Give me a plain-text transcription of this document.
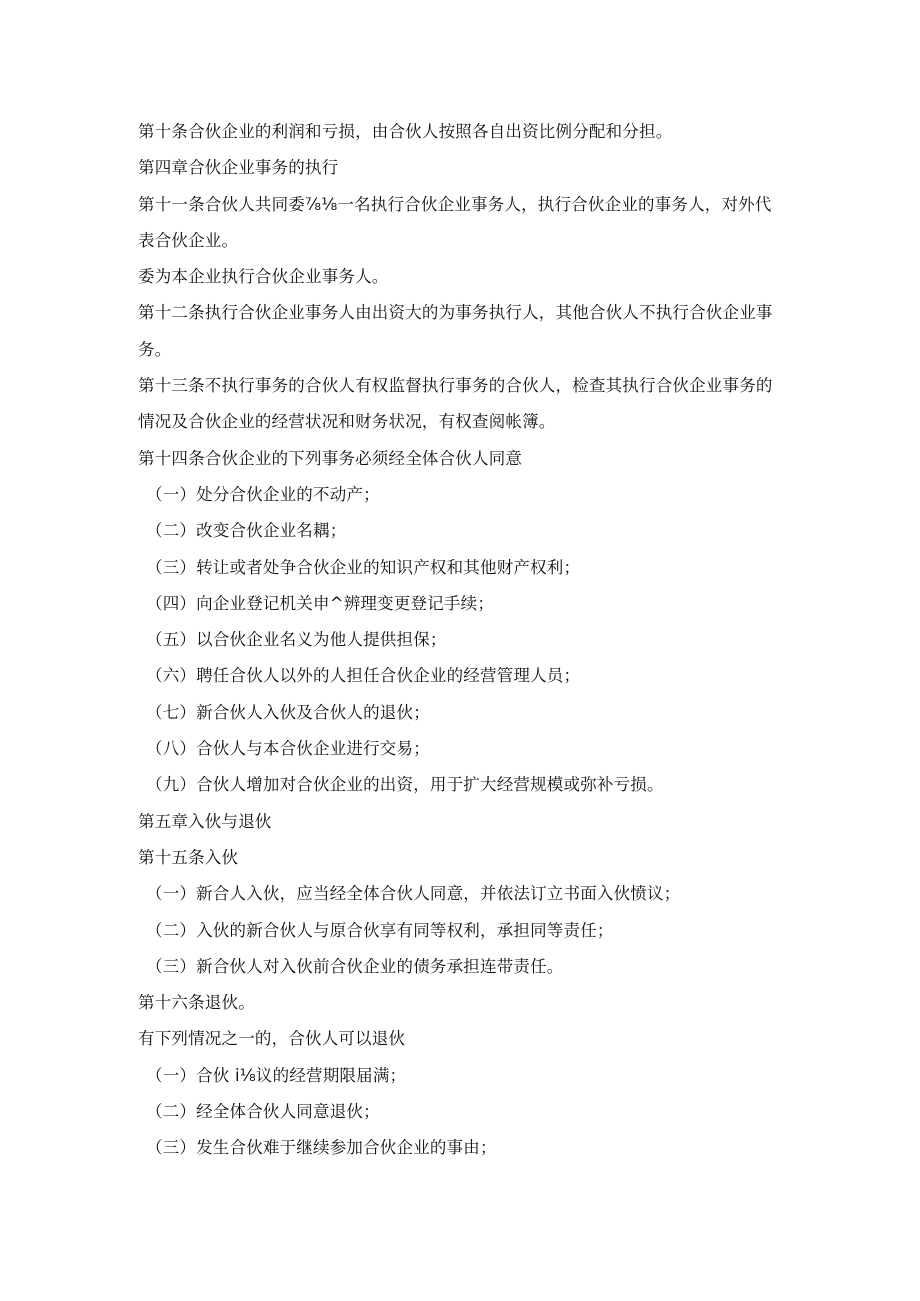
第十条合伙企业的利润和亏损，由合伙人按照各自出资比例分配和分担。

第四章合伙企业事务的执行

第十一条合伙人共同委⅞⅛一名执行合伙企业事务人，执行合伙企业的事务人，对外代表合伙企业。

委为本企业执行合伙企业事务人。

第十二条执行合伙企业事务人由出资大的为事务执行人，其他合伙人不执行合伙企业事务。

第十三条不执行事务的合伙人有权监督执行事务的合伙人，检查其执行合伙企业事务的情况及合伙企业的经营状况和财务状况，有权查阅帐簿。

第十四条合伙企业的下列事务必须经全体合伙人同意

（一）处分合伙企业的不动产；

（二）改变合伙企业名耦；

（三）转让或者处争合伙企业的知识产权和其他财产权利；

（四）向企业登记机关申^辨理变更登记手续；

（五）以合伙企业名义为他人提供担保；

（六）聘任合伙人以外的人担任合伙企业的经营管理人员；

（七）新合伙人入伙及合伙人的退伙；

（八）合伙人与本合伙企业进行交易；

（九）合伙人增加对合伙企业的出资，用于扩大经营规模或弥补亏损。

第五章入伙与退伙

第十五条入伙

（一）新合人入伙，应当经全体合伙人同意，并依法订立书面入伙愤议；

（二）入伙的新合伙人与原合伙享有同等权利，承担同等责任；

（三）新合伙人对入伙前合伙企业的债务承担连带责任。

第十六条退伙。

有下列情况之一的，合伙人可以退伙

（一）合伙 i⅛议的经营期限届满；

（二）经全体合伙人同意退伙；

（三）发生合伙难于继续参加合伙企业的事由；
